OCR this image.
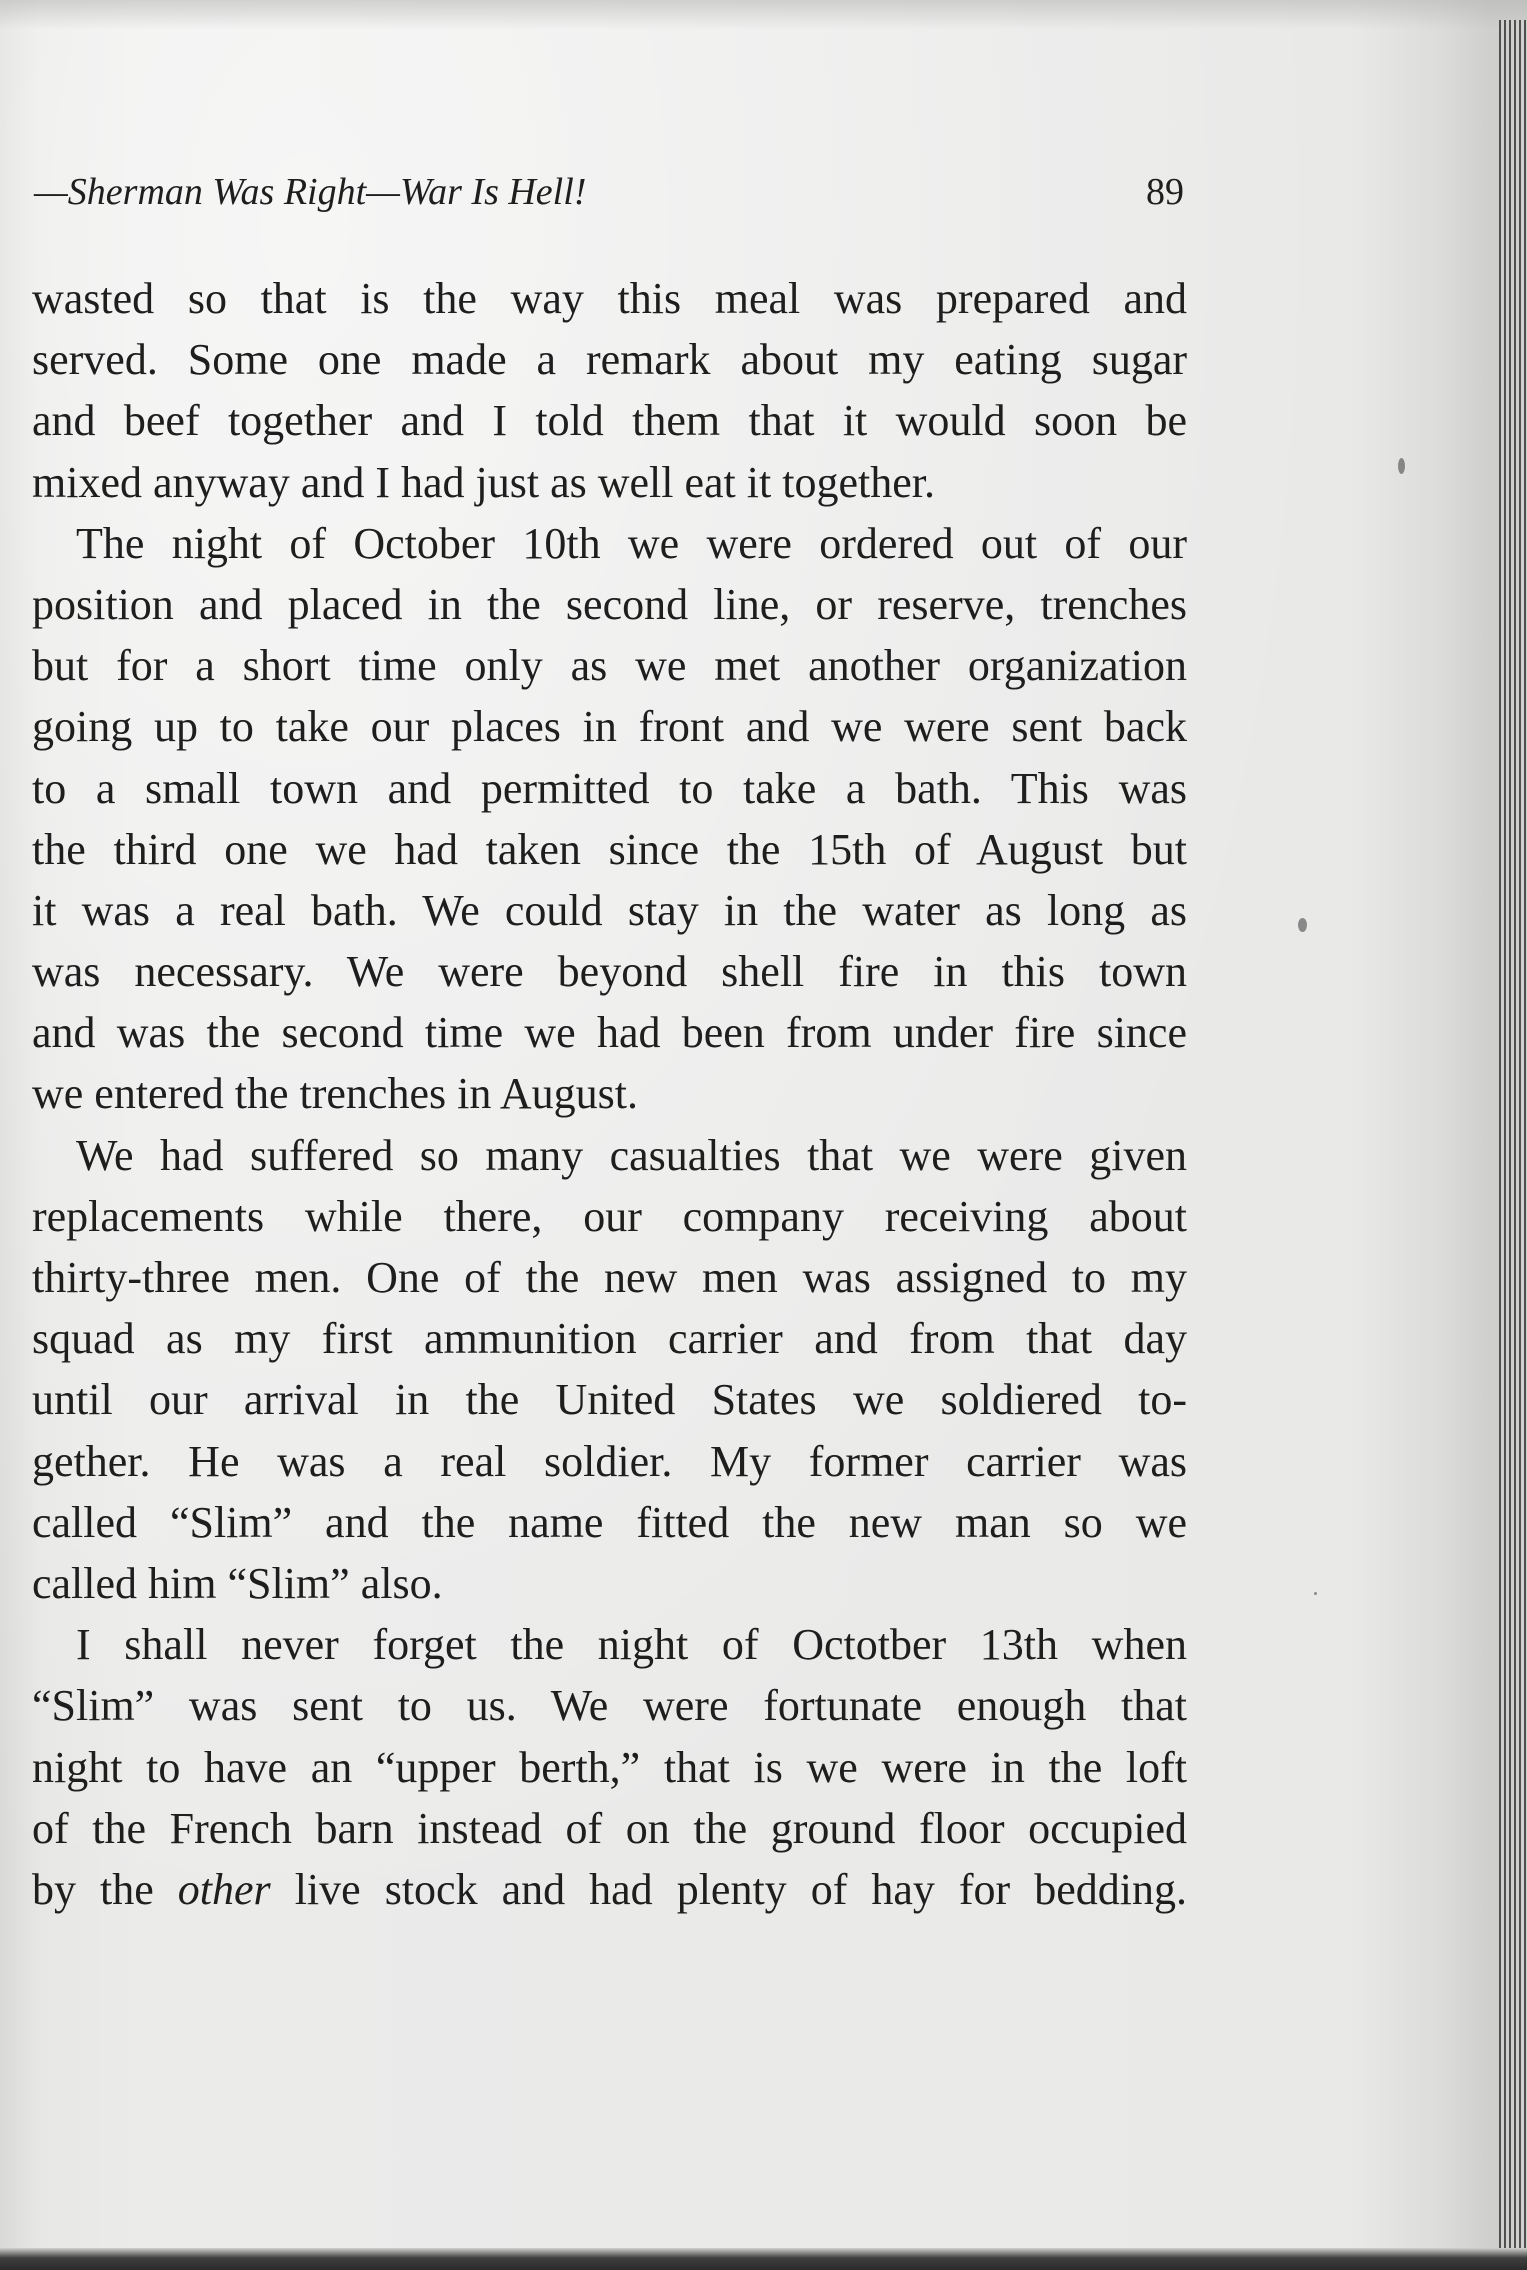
—Sherman Was Right—War Is Hell!	89
wasted so that is the way this meal was prepared and
served. Some one made a remark about my eating sugar
and beef together and I told them that it would soon be
mixed anyway and I had just as well eat it together.
The night of October 10th we were ordered out of our
position and placed in the second line, or reserve, trenches
but for a short time only as we met another organization
going up to take our places in front and we were sent back
to a small town and permitted to take a bath. This was
the third one we had taken since the 15th of August but
it was a real bath. We could stay in the water as long as
was necessary. We were beyond shell fire in this town
and was the second time we had been from under fire since
we entered the trenches in August.
We had suffered so many casualties that we were given
replacements while there, our company receiving about
thirty-three men. One of the new men was assigned to my
squad as my first ammunition carrier and from that day
until our arrival in the United States we soldiered to-
gether. He was a real soldier. My former carrier was
called “Slim” and the name fitted the new man so we
called him “Slim” also.
I shall never forget the night of Octotber 13th when
“Slim” was sent to us. We were fortunate enough that
night to have an “upper berth,” that is we were in the loft
of the French barn instead of on the ground floor occupied
by the other live stock and had plenty of hay for bedding.
